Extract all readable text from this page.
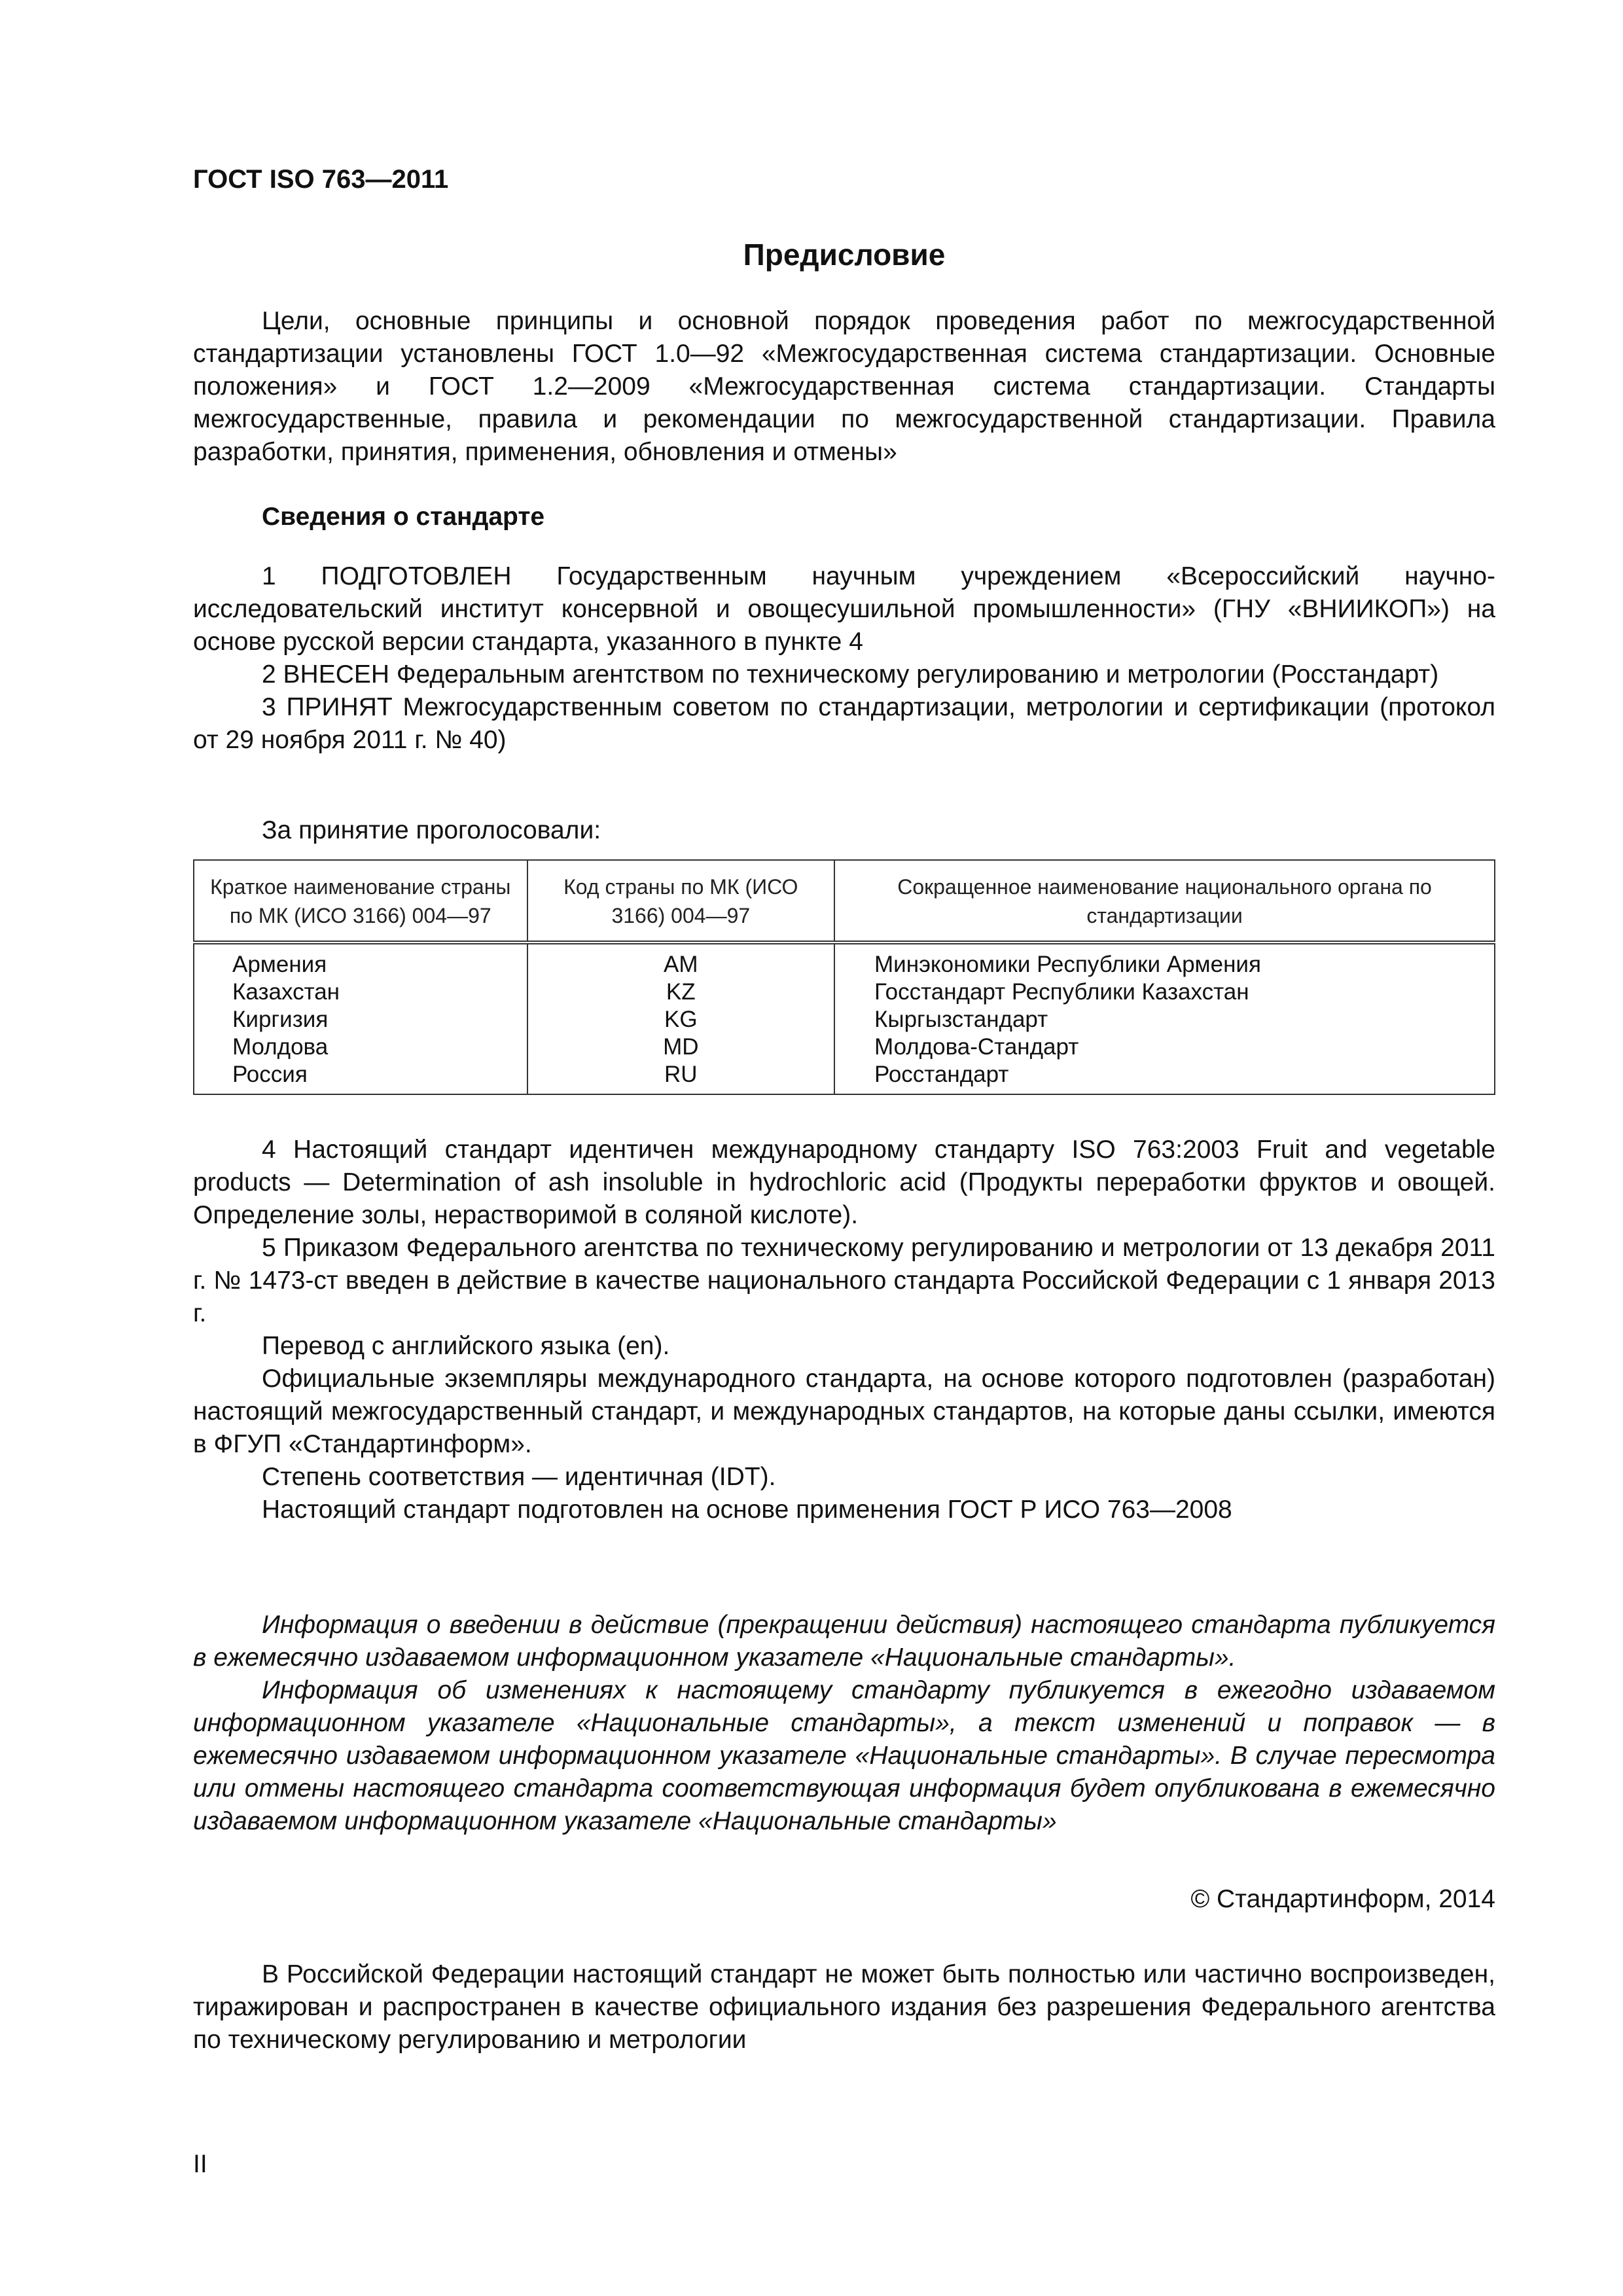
ГОСТ ISO 763—2011
Предисловие

Цели, основные принципы и основной порядок проведения работ по межгосударственной стандартизации установлены ГОСТ 1.0—92 «Межгосударственная система стандартизации. Основные положения» и ГОСТ 1.2—2009 «Межгосударственная система стандартизации. Стандарты межгосударственные, правила и рекомендации по межгосударственной стандартизации. Правила разработки, принятия, применения, обновления и отмены»

Сведения о стандарте

1 ПОДГОТОВЛЕН Государственным научным учреждением «Всероссийский научно-исследовательский институт консервной и овощесушильной промышленности» (ГНУ «ВНИИКОП») на основе русской версии стандарта, указанного в пункте 4

2 ВНЕСЕН Федеральным агентством по техническому регулированию и метрологии (Росстандарт)

3 ПРИНЯТ Межгосударственным советом по стандартизации, метрологии и сертификации (протокол от 29 ноября 2011 г. № 40)

За принятие проголосовали:
Краткое наименование страны по МК (ИСО 3166) 004—97	Код страны по МК (ИСО 3166) 004—97	Сокращенное наименование национального органа по стандартизации
Армения	AM	Минэкономики Республики Армения
Казахстан	KZ	Госстандарт Республики Казахстан
Киргизия	KG	Кыргызстандарт
Молдова	MD	Молдова-Стандарт
Россия	RU	Росстандарт

4 Настоящий стандарт идентичен международному стандарту ISO 763:2003 Fruit and vegetable products — Determination of ash insoluble in hydrochloric acid (Продукты переработки фруктов и овощей. Определение золы, нерастворимой в соляной кислоте).

5 Приказом Федерального агентства по техническому регулированию и метрологии от 13 декабря 2011 г. № 1473-ст введен в действие в качестве национального стандарта Российской Федерации с 1 января 2013 г.

Перевод с английского языка (en).

Официальные экземпляры международного стандарта, на основе которого подготовлен (разработан) настоящий межгосударственный стандарт, и международных стандартов, на которые даны ссылки, имеются в ФГУП «Стандартинформ».

Степень соответствия — идентичная (IDT).

Настоящий стандарт подготовлен на основе применения ГОСТ Р ИСО 763—2008

Информация о введении в действие (прекращении действия) настоящего стандарта публикуется в ежемесячно издаваемом информационном указателе «Национальные стандарты».

Информация об изменениях к настоящему стандарту публикуется в ежегодно издаваемом информационном указателе «Национальные стандарты», а текст изменений и поправок — в ежемесячно издаваемом информационном указателе «Национальные стандарты». В случае пересмотра или отмены настоящего стандарта соответствующая информация будет опубликована в ежемесячно издаваемом информационном указателе «Национальные стандарты»

© Стандартинформ, 2014

В Российской Федерации настоящий стандарт не может быть полностью или частично воспроизведен, тиражирован и распространен в качестве официального издания без разрешения Федерального агентства по техническому регулированию и метрологии

II
